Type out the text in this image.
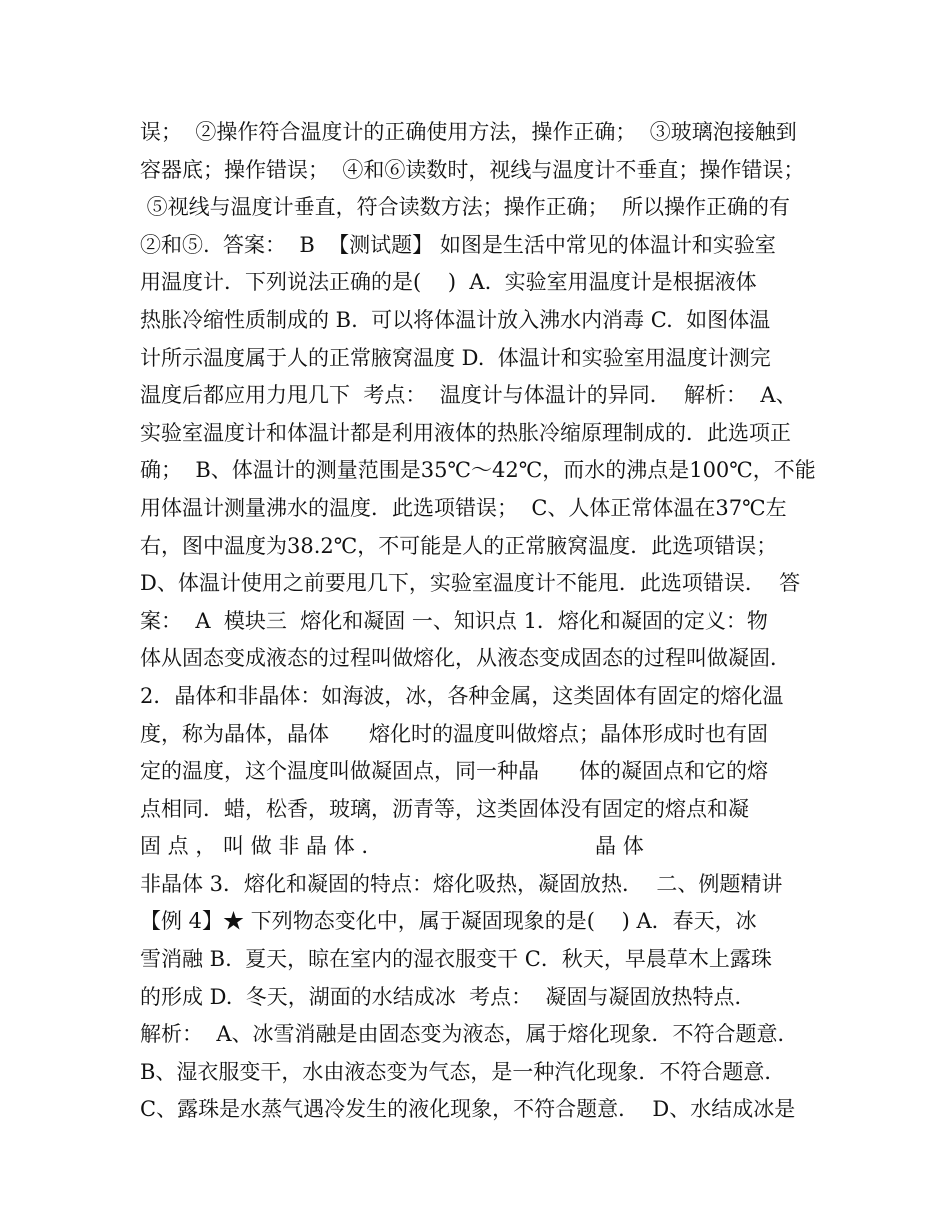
误；  ②操作符合温度计的正确使用方法，操作正确；  ③玻璃泡接触到
容器底；操作错误；  ④和⑥读数时，视线与温度计不垂直；操作错误；
⑤视线与温度计垂直，符合读数方法；操作正确；  所以操作正确的有
②和⑤.  答案：  B  【测试题】 如图是生活中常见的体温计和实验室
用温度计．下列说法正确的是(    )  A.  实验室用温度计是根据液体
热胀冷缩性质制成的 B.  可以将体温计放入沸水内消毒 C.  如图体温
计所示温度属于人的正常腋窝温度 D.  体温计和实验室用温度计测完
温度后都应用力甩几下  考点：  温度计与体温计的异同．  解析：  A、
实验室温度计和体温计都是利用液体的热胀冷缩原理制成的．此选项正
确；  B、体温计的测量范围是35℃～42℃，而水的沸点是100℃，不能
用体温计测量沸水的温度．此选项错误；  C、人体正常体温在37℃左
右，图中温度为38.2℃，不可能是人的正常腋窝温度．此选项错误；
D、体温计使用之前要甩几下，实验室温度计不能甩．此选项错误．  答
案：  A  模块三  熔化和凝固 一、知识点 1．熔化和凝固的定义：物
体从固态变成液态的过程叫做熔化，从液态变成固态的过程叫做凝固．
2．晶体和非晶体：如海波，冰，各种金属，这类固体有固定的熔化温
度，称为晶体，晶体      熔化时的温度叫做熔点；晶体形成时也有固
定的温度，这个温度叫做凝固点，同一种晶      体的凝固点和它的熔
点相同．蜡，松香，玻璃，沥青等，这类固体没有固定的熔点和凝
固 点 ， 叫 做 非 晶 体 .                                  晶 体
非晶体 3．熔化和凝固的特点：熔化吸热，凝固放热．  二、例题精讲
【例 4】★ 下列物态变化中，属于凝固现象的是(    ) A．春天，冰
雪消融 B.  夏天，晾在室内的湿衣服变干 C．秋天，早晨草木上露珠
的形成 D.  冬天，湖面的水结成冰  考点：  凝固与凝固放热特点．
解析：  A、冰雪消融是由固态变为液态，属于熔化现象．不符合题意．
B、湿衣服变干，水由液态变为气态，是一种汽化现象．不符合题意．
C、露珠是水蒸气遇冷发生的液化现象，不符合题意．  D、水结成冰是
